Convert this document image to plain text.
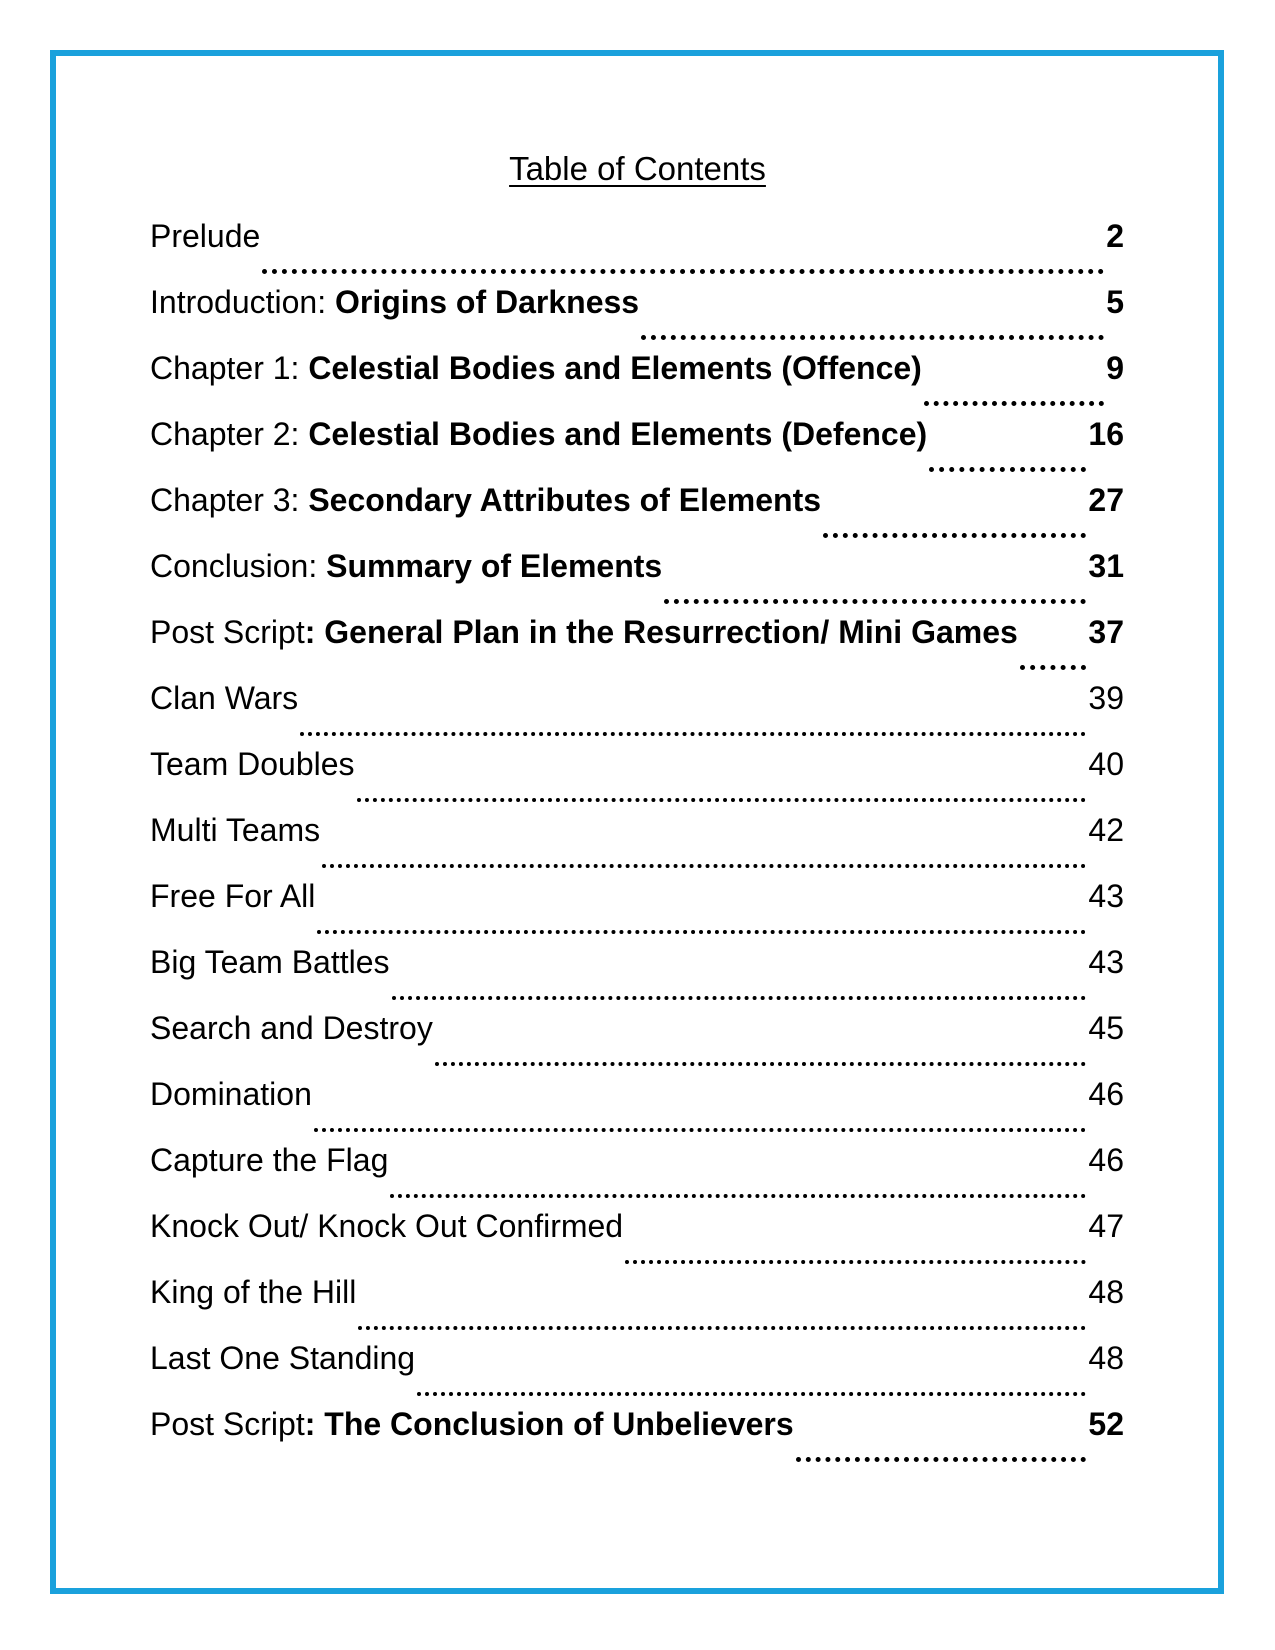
Table of Contents
Prelude	2
Introduction: Origins of Darkness	5
Chapter 1: Celestial Bodies and Elements (Offence)	9
Chapter 2: Celestial Bodies and Elements (Defence)	16
Chapter 3: Secondary Attributes of Elements	27
Conclusion: Summary of Elements	31
Post Script: General Plan in the Resurrection/ Mini Games 37
Clan Wars	39
Team Doubles	40
Multi Teams	42
Free For All	43
Big Team Battles	43
Search and Destroy	45
Domination	46
Capture the Flag	46
Knock Out/ Knock Out Confirmed	47
King of the Hill	48
Last One Standing	48
Post Script: The Conclusion of Unbelievers	52
